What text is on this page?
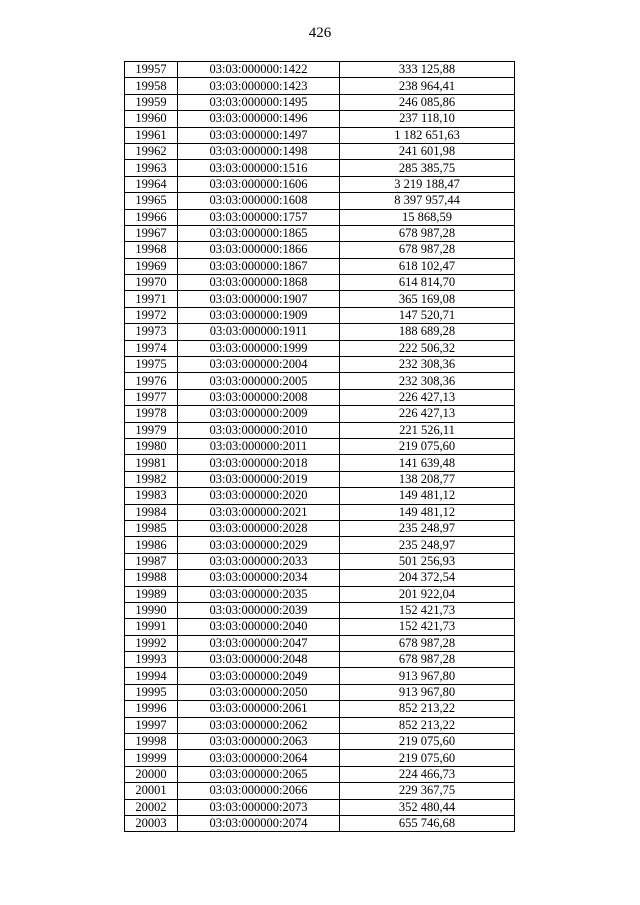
426
19957	03:03:000000:1422	333 125,88
19958	03:03:000000:1423	238 964,41
19959	03:03:000000:1495	246 085,86
19960	03:03:000000:1496	237 118,10
19961	03:03:000000:1497	1 182 651,63
19962	03:03:000000:1498	241 601,98
19963	03:03:000000:1516	285 385,75
19964	03:03:000000:1606	3 219 188,47
19965	03:03:000000:1608	8 397 957,44
19966	03:03:000000:1757	15 868,59
19967	03:03:000000:1865	678 987,28
19968	03:03:000000:1866	678 987,28
19969	03:03:000000:1867	618 102,47
19970	03:03:000000:1868	614 814,70
19971	03:03:000000:1907	365 169,08
19972	03:03:000000:1909	147 520,71
19973	03:03:000000:1911	188 689,28
19974	03:03:000000:1999	222 506,32
19975	03:03:000000:2004	232 308,36
19976	03:03:000000:2005	232 308,36
19977	03:03:000000:2008	226 427,13
19978	03:03:000000:2009	226 427,13
19979	03:03:000000:2010	221 526,11
19980	03:03:000000:2011	219 075,60
19981	03:03:000000:2018	141 639,48
19982	03:03:000000:2019	138 208,77
19983	03:03:000000:2020	149 481,12
19984	03:03:000000:2021	149 481,12
19985	03:03:000000:2028	235 248,97
19986	03:03:000000:2029	235 248,97
19987	03:03:000000:2033	501 256,93
19988	03:03:000000:2034	204 372,54
19989	03:03:000000:2035	201 922,04
19990	03:03:000000:2039	152 421,73
19991	03:03:000000:2040	152 421,73
19992	03:03:000000:2047	678 987,28
19993	03:03:000000:2048	678 987,28
19994	03:03:000000:2049	913 967,80
19995	03:03:000000:2050	913 967,80
19996	03:03:000000:2061	852 213,22
19997	03:03:000000:2062	852 213,22
19998	03:03:000000:2063	219 075,60
19999	03:03:000000:2064	219 075,60
20000	03:03:000000:2065	224 466,73
20001	03:03:000000:2066	229 367,75
20002	03:03:000000:2073	352 480,44
20003	03:03:000000:2074	655 746,68
